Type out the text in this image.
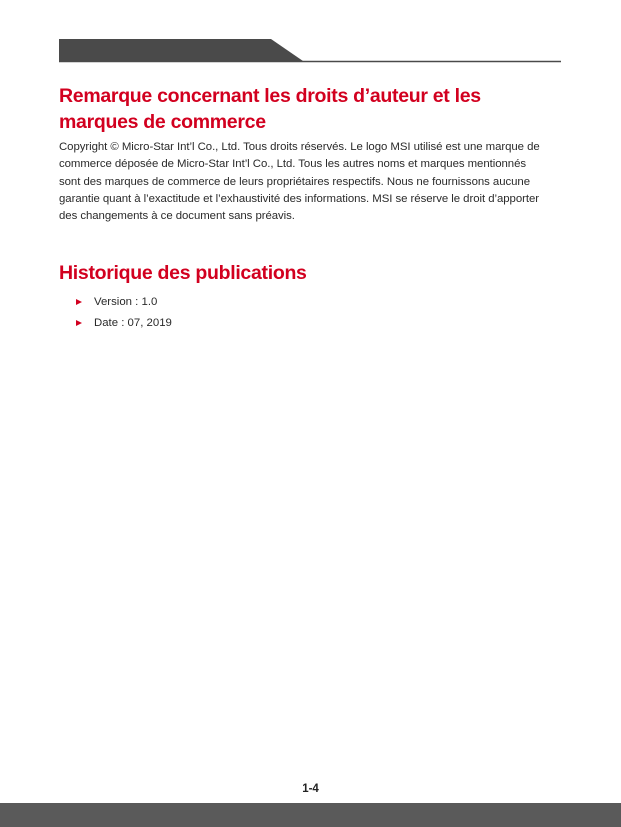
Remarque concernant les droits d’auteur et les marques de commerce

Copyright © Micro-Star Int’l Co., Ltd. Tous droits réservés. Le logo MSI utilisé est une marque de commerce déposée de Micro-Star Int’l Co., Ltd. Tous les autres noms et marques mentionnés sont des marques de commerce de leurs propriétaires respectifs. Nous ne fournissons aucune garantie quant à l’exactitude et l’exhaustivité des informations. MSI se réserve le droit d’apporter des changements à ce document sans préavis.

Historique des publications
Version : 1.0
Date : 07, 2019
1-4
